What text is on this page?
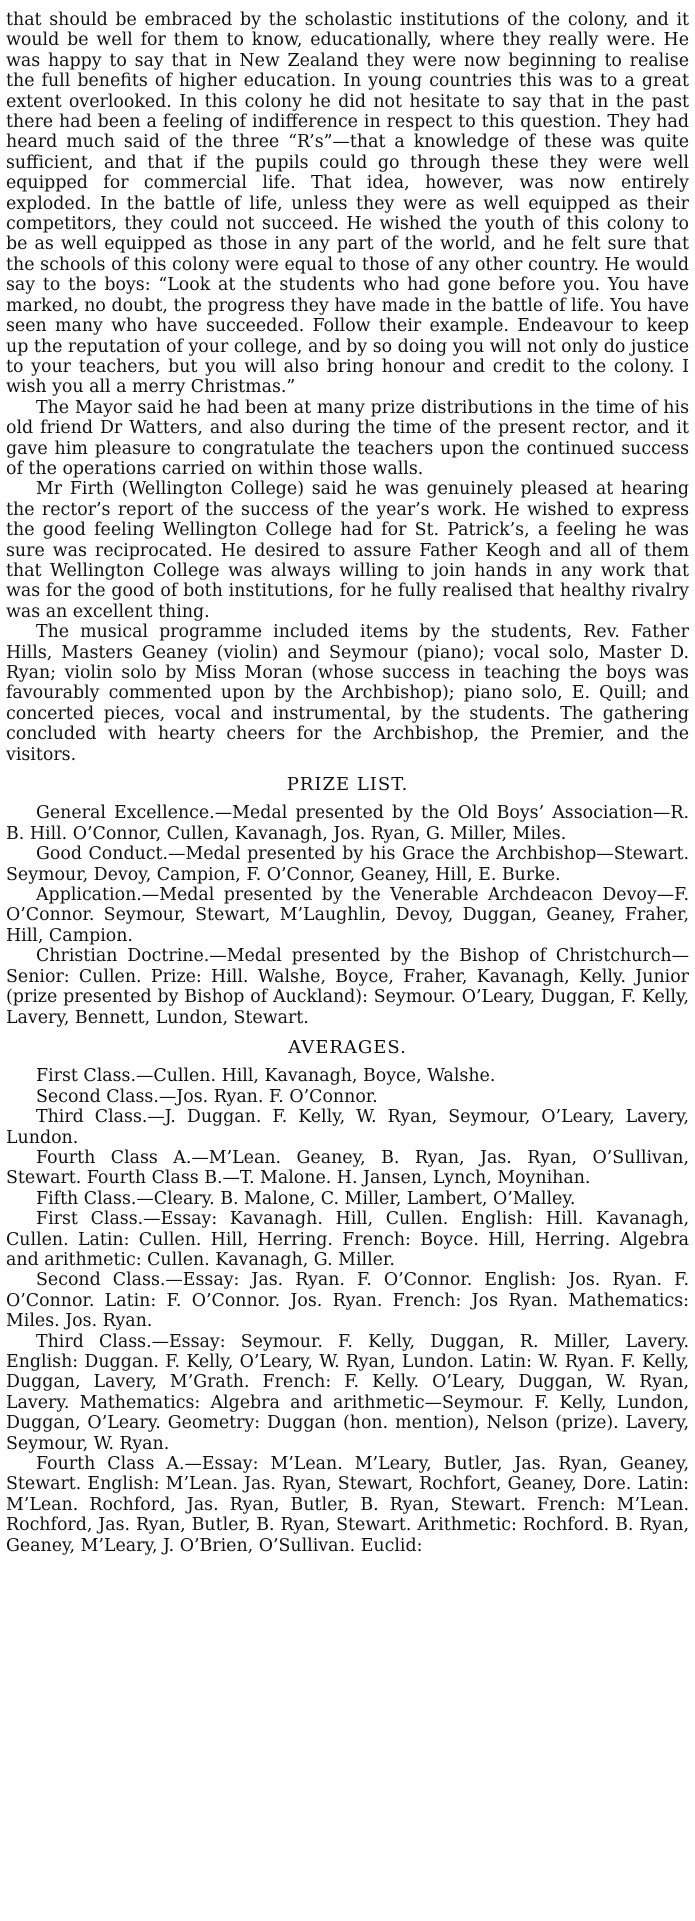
that should be embraced by the scholastic institutions of the colony, and it would be well for them to know, educationally, where they really were. He was happy to say that in New Zealand they were now beginning to realise the full benefits of higher education. In young countries this was to a great extent overlooked. In this colony he did not hesitate to say that in the past there had been a feeling of indifference in respect to this question. They had heard much said of the three “R’s”—that a knowledge of these was quite sufficient, and that if the pupils could go through these they were well equipped for commercial life. That idea, however, was now entirely exploded. In the battle of life, unless they were as well equipped as their competitors, they could not succeed. He wished the youth of this colony to be as well equipped as those in any part of the world, and he felt sure that the schools of this colony were equal to those of any other country. He would say to the boys: “Look at the students who had gone before you. You have marked, no doubt, the progress they have made in the battle of life. You have seen many who have succeeded. Follow their example. Endeavour to keep up the reputation of your college, and by so doing you will not only do justice to your teachers, but you will also bring honour and credit to the colony. I wish you all a merry Christmas.”

The Mayor said he had been at many prize distributions in the time of his old friend Dr Watters, and also during the time of the present rector, and it gave him pleasure to congratulate the teachers upon the continued success of the operations carried on within those walls.

Mr Firth (Wellington College) said he was genuinely pleased at hearing the rector’s report of the success of the year’s work. He wished to express the good feeling Wellington College had for St. Patrick’s, a feeling he was sure was reciprocated. He desired to assure Father Keogh and all of them that Wellington College was always willing to join hands in any work that was for the good of both institutions, for he fully realised that healthy rivalry was an excellent thing.

The musical programme included items by the students, Rev. Father Hills, Masters Geaney (violin) and Seymour (piano); vocal solo, Master D. Ryan; violin solo by Miss Moran (whose success in teaching the boys was favourably commented upon by the Archbishop); piano solo, E. Quill; and concerted pieces, vocal and instrumental, by the students. The gathering concluded with hearty cheers for the Archbishop, the Premier, and the visitors.

PRIZE LIST.

General Excellence.—Medal presented by the Old Boys’ Association—R. B. Hill. O’Connor, Cullen, Kavanagh, Jos. Ryan, G. Miller, Miles.

Good Conduct.—Medal presented by his Grace the Archbishop—Stewart. Seymour, Devoy, Campion, F. O’Connor, Geaney, Hill, E. Burke.

Application.—Medal presented by the Venerable Archdeacon Devoy—F. O’Connor. Seymour, Stewart, M’Laughlin, Devoy, Duggan, Geaney, Fraher, Hill, Campion.

Christian Doctrine.—Medal presented by the Bishop of Christchurch—Senior: Cullen. Prize: Hill. Walshe, Boyce, Fraher, Kavanagh, Kelly. Junior (prize presented by Bishop of Auckland): Seymour. O’Leary, Duggan, F. Kelly, Lavery, Bennett, Lundon, Stewart.

AVERAGES.

First Class.—Cullen. Hill, Kavanagh, Boyce, Walshe.

Second Class.—Jos. Ryan. F. O’Connor.

Third Class.—J. Duggan. F. Kelly, W. Ryan, Seymour, O’Leary, Lavery, Lundon.

Fourth Class A.—M’Lean. Geaney, B. Ryan, Jas. Ryan, O’Sullivan, Stewart. Fourth Class B.—T. Malone. H. Jansen, Lynch, Moynihan.

Fifth Class.—Cleary. B. Malone, C. Miller, Lambert, O’Malley.

First Class.—Essay: Kavanagh. Hill, Cullen. English: Hill. Kavanagh, Cullen. Latin: Cullen. Hill, Herring. French: Boyce. Hill, Herring. Algebra and arithmetic: Cullen. Kavanagh, G. Miller.

Second Class.—Essay: Jas. Ryan. F. O’Connor. English: Jos. Ryan. F. O’Connor. Latin: F. O’Connor. Jos. Ryan. French: Jos Ryan. Mathematics: Miles. Jos. Ryan.

Third Class.—Essay: Seymour. F. Kelly, Duggan, R. Miller, Lavery. English: Duggan. F. Kelly, O’Leary, W. Ryan, Lundon. Latin: W. Ryan. F. Kelly, Duggan, Lavery, M’Grath. French: F. Kelly. O’Leary, Duggan, W. Ryan, Lavery. Mathematics: Algebra and arithmetic—Seymour. F. Kelly, Lundon, Duggan, O’Leary. Geometry: Duggan (hon. mention), Nelson (prize). Lavery, Seymour, W. Ryan.

Fourth Class A.—Essay: M’Lean. M’Leary, Butler, Jas. Ryan, Geaney, Stewart. English: M’Lean. Jas. Ryan, Stewart, Rochfort, Geaney, Dore. Latin: M’Lean. Rochford, Jas. Ryan, Butler, B. Ryan, Stewart. French: M’Lean. Rochford, Jas. Ryan, Butler, B. Ryan, Stewart. Arithmetic: Rochford. B. Ryan, Geaney, M’Leary, J. O’Brien, O’Sullivan. Euclid:
